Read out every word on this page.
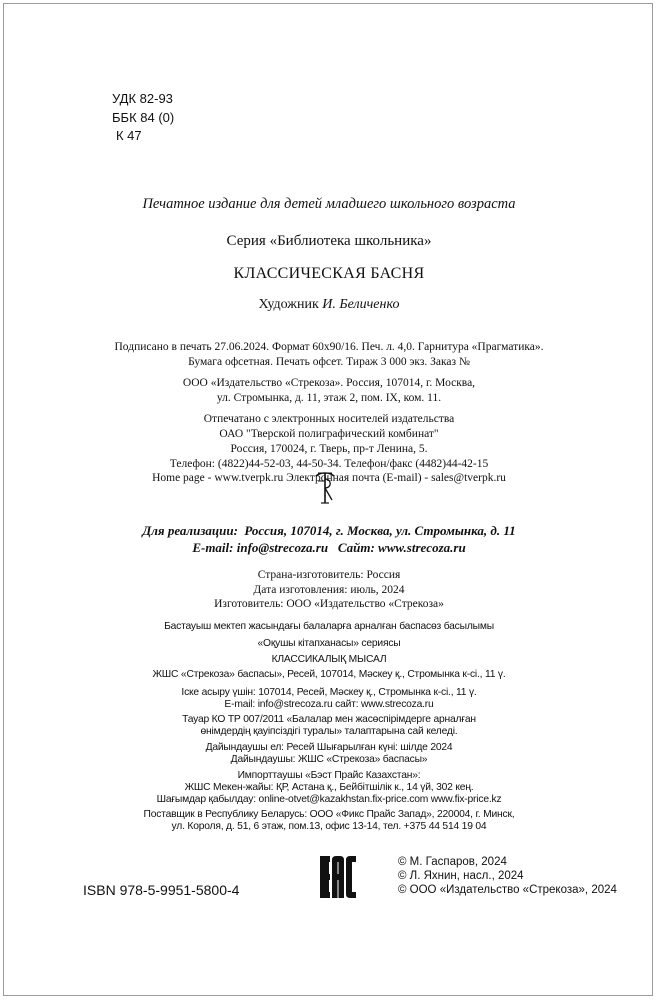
УДК 82-93
ББК 84 (0)
К 47
Печатное издание для детей младшего школьного возраста
Серия «Библиотека школьника»
КЛАССИЧЕСКАЯ БАСНЯ
Художник И. Беличенко
Подписано в печать 27.06.2024. Формат 60х90/16. Печ. л. 4,0. Гарнитура «Прагматика».
Бумага офсетная. Печать офсет. Тираж 3 000 экз. Заказ №
ООО «Издательство «Стрекоза». Россия, 107014, г. Москва,
ул. Стромынка, д. 11, этаж 2, пом. IX, ком. 11.
Отпечатано с электронных носителей издательства
ОАО "Тверской полиграфический комбинат"
Россия, 170024, г. Тверь, пр-т Ленина, 5.
Телефон: (4822)44-52-03, 44-50-34. Телефон/факс (4482)44-42-15
Home page - www.tverpk.ru Электронная почта (E-mail) - sales@tverpk.ru
Для реализации: Россия, 107014, г. Москва, ул. Стромынка, д. 11
E-mail: info@strecoza.ru Сайт: www.strecoza.ru
Страна-изготовитель: Россия
Дата изготовления: июль, 2024
Изготовитель: ООО «Издательство «Стрекоза»
Бастауыш мектеп жасындағы балаларға арналған баспасөз басылымы
«Оқушы кітапханасы» сериясы
КЛАССИКАЛЫҚ МЫСАЛ
ЖШС «Стрекоза» баспасы», Ресей, 107014, Мәскеу қ., Стромынка к-сі., 11 ү.
Іске асыру үшін: 107014, Ресей, Мәскеу қ., Стромынка к-сі., 11 ү.
E-mail: info@strecoza.ru сайт: www.strecoza.ru
Тауар КО ТР 007/2011 «Балалар мен жасөспірімдерге арналған
өнімдердің қауіпсіздігі туралы» талаптарына сай келеді.
Дайындаушы ел: Ресей Шығарылған күні: шілде 2024
Дайындаушы: ЖШС «Стрекоза» баспасы»
Импорттаушы «Бэст Прайс Казахстан»:
ЖШС Мекен-жайы: ҚР, Астана қ., Бейбітшілік к., 14 үй, 302 кең.
Шағымдар қабылдау: online-otvet@kazakhstan.fix-price.com www.fix-price.kz
Поставщик в Республику Беларусь: ООО «Фикс Прайс Запад», 220004, г. Минск,
ул. Короля, д. 51, 6 этаж, пом.13, офис 13-14, тел. +375 44 514 19 04
ISBN 978-5-9951-5800-4
© М. Гаспаров, 2024
© Л. Яхнин, насл., 2024
© ООО «Издательство «Стрекоза», 2024
